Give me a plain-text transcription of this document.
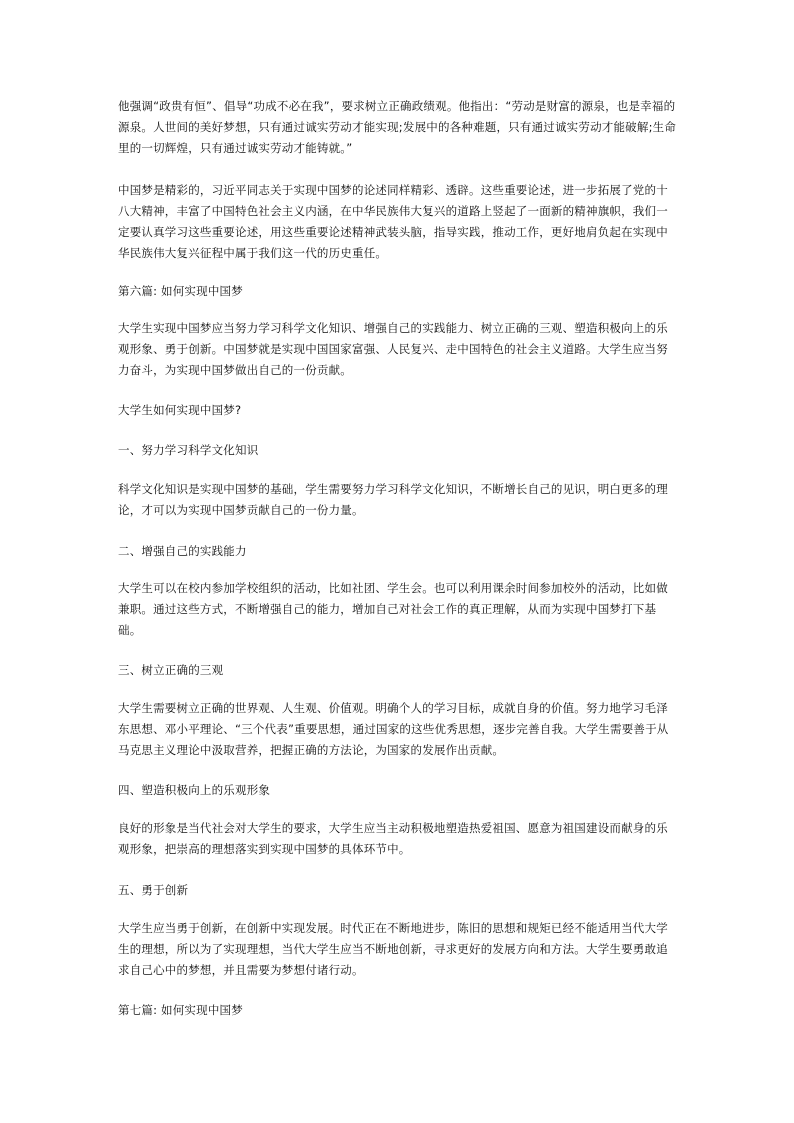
他强调“政贵有恒”、倡导“功成不必在我”，要求树立正确政绩观。他指出：“劳动是财富的源泉，也是幸福的源泉。人世间的美好梦想，只有通过诚实劳动才能实现;发展中的各种难题，只有通过诚实劳动才能破解;生命里的一切辉煌，只有通过诚实劳动才能铸就。”

中国梦是精彩的，习近平同志关于实现中国梦的论述同样精彩、透辟。这些重要论述，进一步拓展了党的十八大精神，丰富了中国特色社会主义内涵，在中华民族伟大复兴的道路上竖起了一面新的精神旗帜，我们一定要认真学习这些重要论述，用这些重要论述精神武装头脑，指导实践，推动工作，更好地肩负起在实现中华民族伟大复兴征程中属于我们这一代的历史重任。

第六篇: 如何实现中国梦

大学生实现中国梦应当努力学习科学文化知识、增强自己的实践能力、树立正确的三观、塑造积极向上的乐观形象、勇于创新。中国梦就是实现中国国家富强、人民复兴、走中国特色的社会主义道路。大学生应当努力奋斗，为实现中国梦做出自己的一份贡献。

大学生如何实现中国梦?

一、努力学习科学文化知识

科学文化知识是实现中国梦的基础，学生需要努力学习科学文化知识，不断增长自己的见识，明白更多的理论，才可以为实现中国梦贡献自己的一份力量。

二、增强自己的实践能力

大学生可以在校内参加学校组织的活动，比如社团、学生会。也可以利用课余时间参加校外的活动，比如做兼职。通过这些方式，不断增强自己的能力，增加自己对社会工作的真正理解，从而为实现中国梦打下基础。

三、树立正确的三观

大学生需要树立正确的世界观、人生观、价值观。明确个人的学习目标，成就自身的价值。努力地学习毛泽东思想、邓小平理论、“三个代表”重要思想，通过国家的这些优秀思想，逐步完善自我。大学生需要善于从马克思主义理论中汲取营养，把握正确的方法论，为国家的发展作出贡献。

四、塑造积极向上的乐观形象

良好的形象是当代社会对大学生的要求，大学生应当主动积极地塑造热爱祖国、愿意为祖国建设而献身的乐观形象，把崇高的理想落实到实现中国梦的具体环节中。

五、勇于创新

大学生应当勇于创新，在创新中实现发展。时代正在不断地进步，陈旧的思想和规矩已经不能适用当代大学生的理想，所以为了实现理想，当代大学生应当不断地创新，寻求更好的发展方向和方法。大学生要勇敢追求自己心中的梦想，并且需要为梦想付诸行动。

第七篇: 如何实现中国梦
